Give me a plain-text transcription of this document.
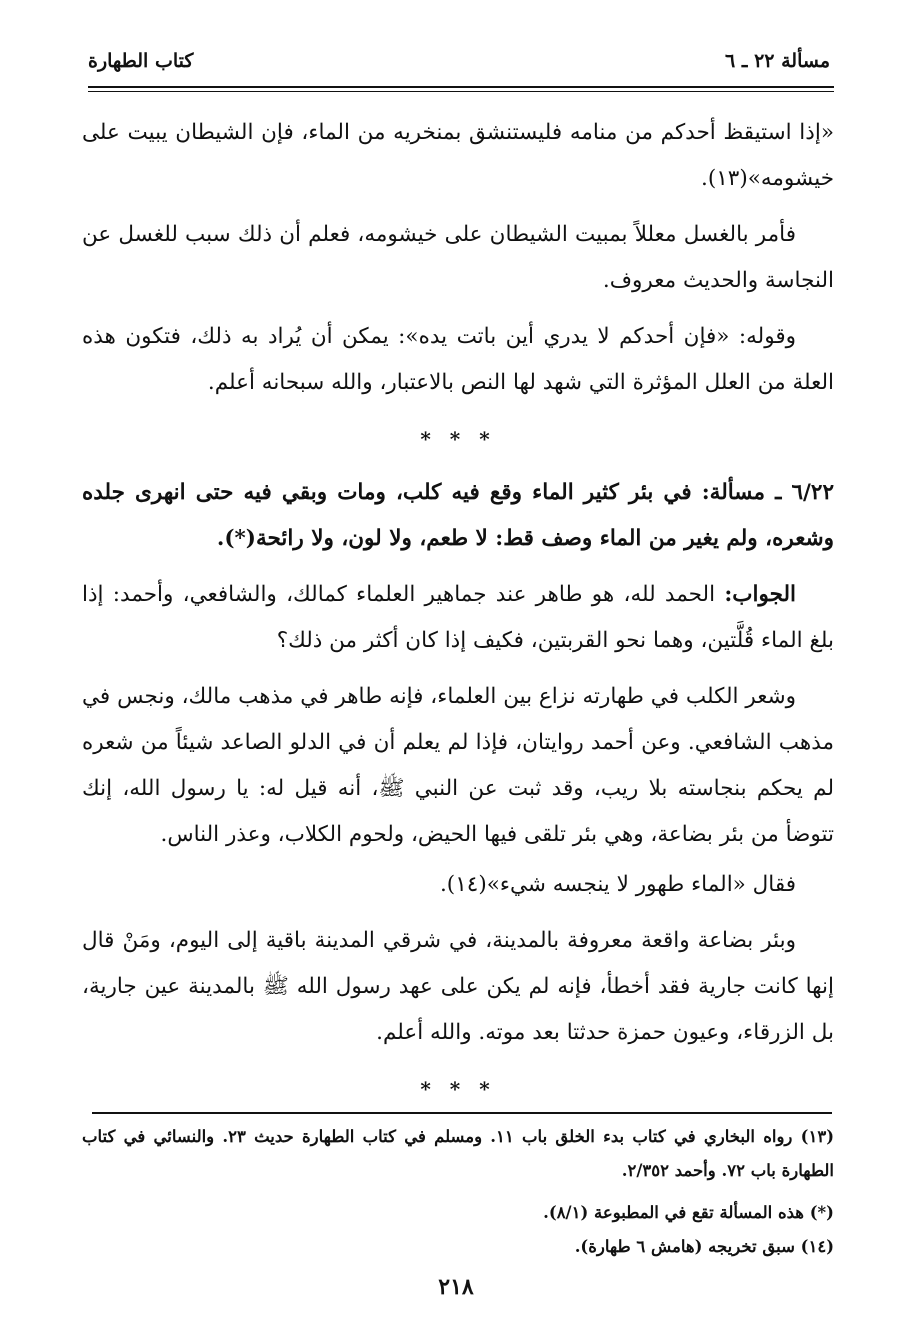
مسألة ٢٢ ـ ٦
كتاب الطهارة

«إذا استيقظ أحدكم من منامه فليستنشق بمنخريه من الماء، فإن الشيطان يبيت على خيشومه»(١٣).

فأمر بالغسل معللاً بمبيت الشيطان على خيشومه، فعلم أن ذلك سبب للغسل عن النجاسة والحديث معروف.

وقوله: «فإن أحدكم لا يدري أين باتت يده»: يمكن أن يُراد به ذلك، فتكون هذه العلة من العلل المؤثرة التي شهد لها النص بالاعتبار، والله سبحانه أعلم.

* * *

٦/٢٢ ـ مسألة: في بئر كثير الماء وقع فيه كلب، ومات وبقي فيه حتى انهرى جلده وشعره، ولم يغير من الماء وصف قط: لا طعم، ولا لون، ولا رائحة(*).

الجواب: الحمد لله، هو طاهر عند جماهير العلماء كمالك، والشافعي، وأحمد: إذا بلغ الماء قُلَّتين، وهما نحو القربتين، فكيف إذا كان أكثر من ذلك؟

وشعر الكلب في طهارته نزاع بين العلماء، فإنه طاهر في مذهب مالك، ونجس في مذهب الشافعي. وعن أحمد روايتان، فإذا لم يعلم أن في الدلو الصاعد شيئاً من شعره لم يحكم بنجاسته بلا ريب، وقد ثبت عن النبي ﷺ، أنه قيل له: يا رسول الله، إنك تتوضأ من بئر بضاعة، وهي بئر تلقى فيها الحيض، ولحوم الكلاب، وعذر الناس.

فقال «الماء طهور لا ينجسه شيء»(١٤).

وبئر بضاعة واقعة معروفة بالمدينة، في شرقي المدينة باقية إلى اليوم، ومَنْ قال إنها كانت جارية فقد أخطأ، فإنه لم يكن على عهد رسول الله ﷺ بالمدينة عين جارية، بل الزرقاء، وعيون حمزة حدثتا بعد موته. والله أعلم.

* * *

(١٣) رواه البخاري في كتاب بدء الخلق باب ١١. ومسلم في كتاب الطهارة حديث ٢٣. والنسائي في كتاب الطهارة باب ٧٢. وأحمد ٢/٣٥٢.

(*) هذه المسألة تقع في المطبوعة (٨/١).

(١٤) سبق تخريجه (هامش ٦ طهارة).

٢١٨
